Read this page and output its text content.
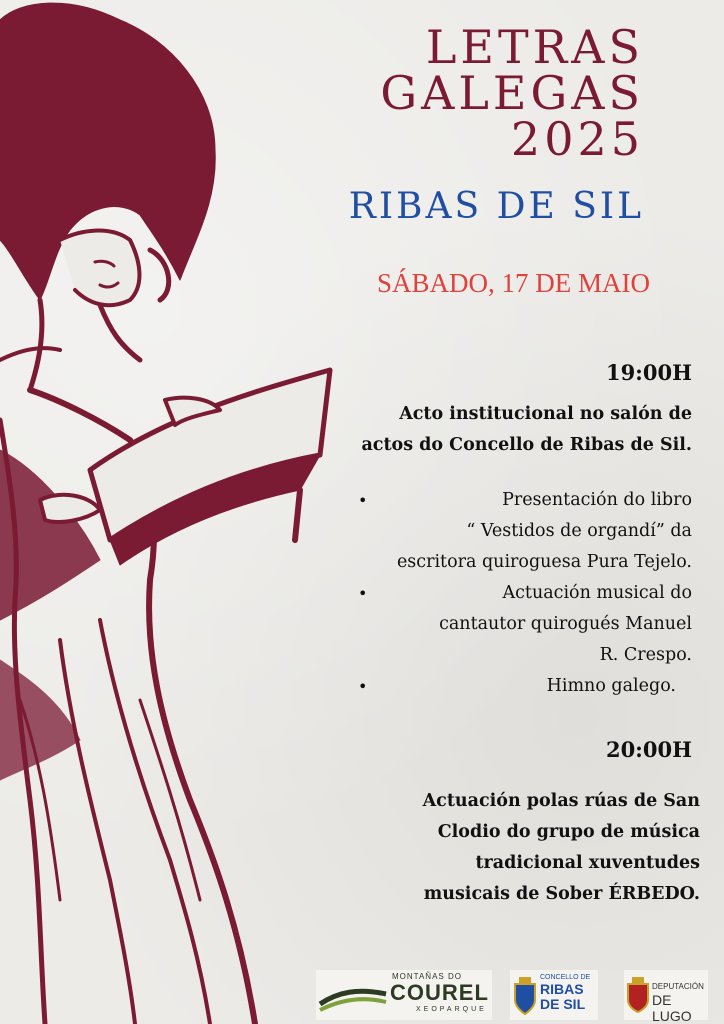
LETRAS
GALEGAS
2025
RIBAS DE SIL
SÁBADO, 17 DE MAIO
19:00H
Acto institucional no salón de
actos do Concello de Ribas de Sil.
•	Presentación do libro
“ Vestidos de organdí” da
escritora quiroguesa Pura Tejelo.
•	Actuación musical do
cantautor quirogués Manuel
R. Crespo.
•	Himno galego.
20:00H
Actuación polas rúas de San
Clodio do grupo de música
tradicional xuventudes
musicais de Sober ÉRBEDO.
MONTAÑAS DO
COUREL
XEOPARQUE
CONCELLO DE
RIBAS DE SIL
DEPUTACIÓN
DE LUGO
